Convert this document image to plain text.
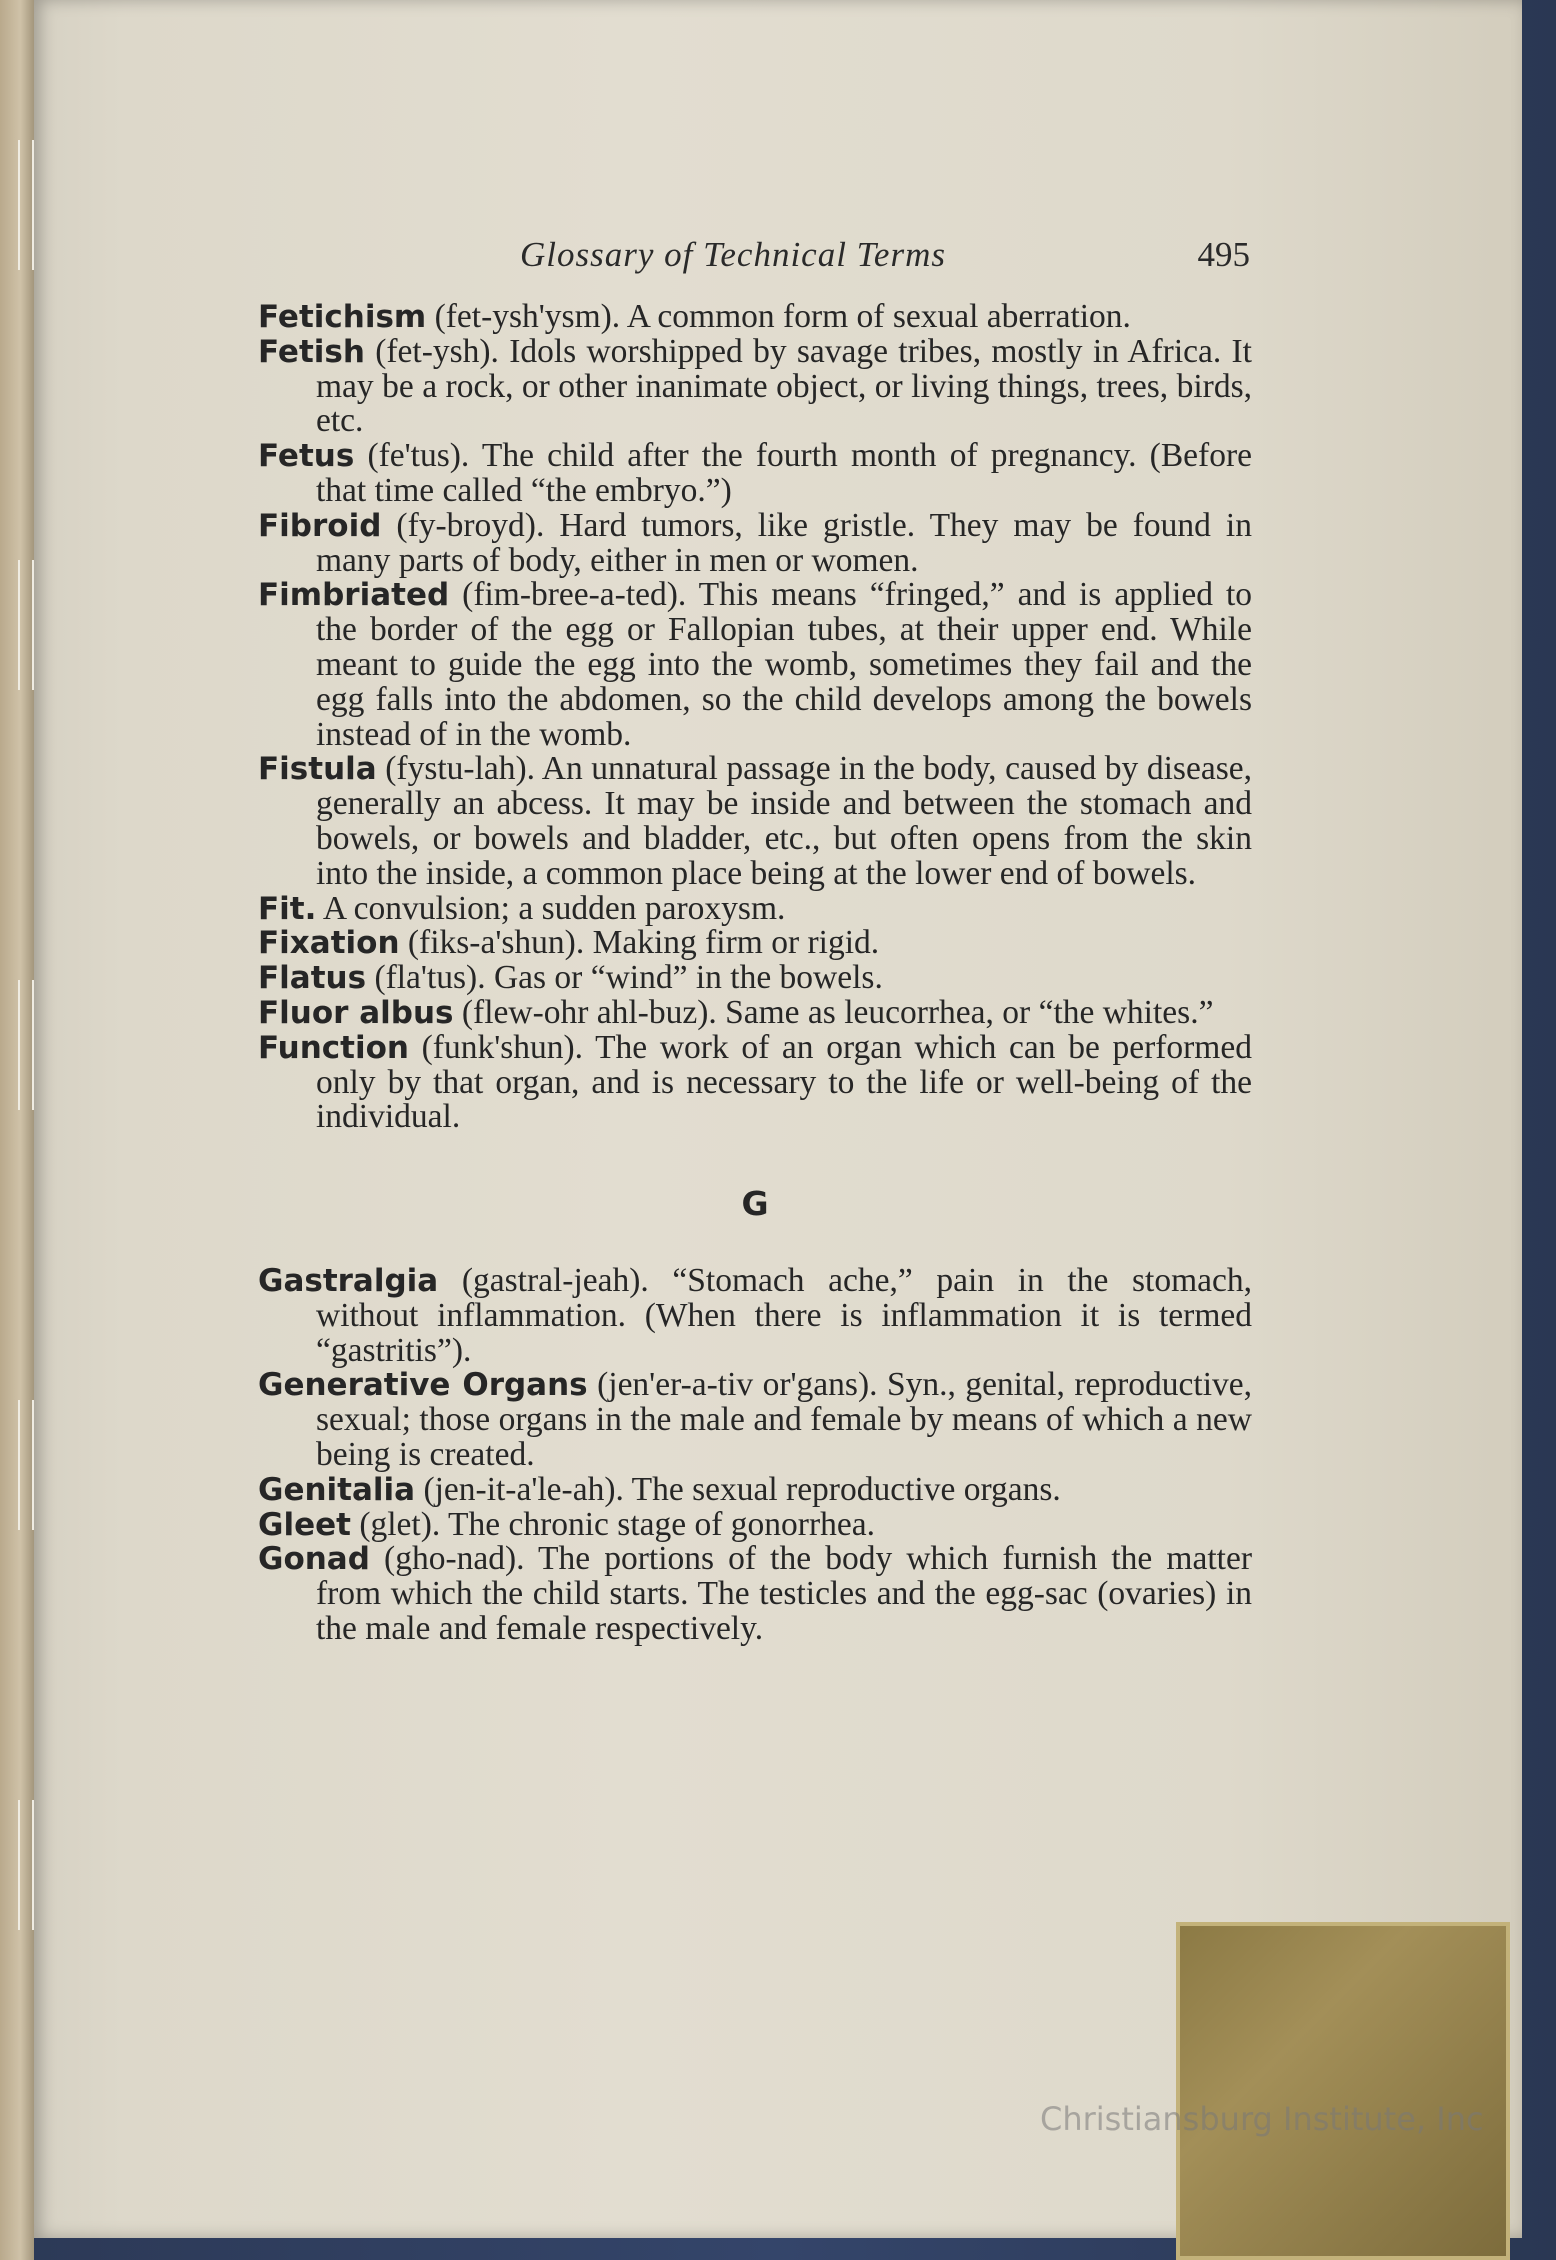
Glossary of Technical Terms	495

Fetichism (fet-ysh'ysm). A common form of sexual aberration.

Fetish (fet-ysh). Idols worshipped by savage tribes, mostly in Africa. It may be a rock, or other inanimate object, or living things, trees, birds, etc.

Fetus (fe'tus). The child after the fourth month of pregnancy. (Before that time called “the embryo.”)

Fibroid (fy-broyd). Hard tumors, like gristle. They may be found in many parts of body, either in men or women.

Fimbriated (fim-bree-a-ted). This means “fringed,” and is applied to the border of the egg or Fallopian tubes, at their upper end. While meant to guide the egg into the womb, sometimes they fail and the egg falls into the abdomen, so the child develops among the bowels instead of in the womb.

Fistula (fystu-lah). An unnatural passage in the body, caused by disease, generally an abcess. It may be inside and between the stomach and bowels, or bowels and bladder, etc., but often opens from the skin into the inside, a common place being at the lower end of bowels.

Fit. A convulsion; a sudden paroxysm.

Fixation (fiks-a'shun). Making firm or rigid.

Flatus (fla'tus). Gas or “wind” in the bowels.

Fluor albus (flew-ohr ahl-buz). Same as leucorrhea, or “the whites.”

Function (funk'shun). The work of an organ which can be performed only by that organ, and is necessary to the life or well-being of the individual.

G

Gastralgia (gastral-jeah). “Stomach ache,” pain in the stomach, without inflammation. (When there is inflammation it is termed “gastritis”).

Generative Organs (jen'er-a-tiv or'gans). Syn., genital, reproductive, sexual; those organs in the male and female by means of which a new being is created.

Genitalia (jen-it-a'le-ah). The sexual reproductive organs.

Gleet (glet). The chronic stage of gonorrhea.

Gonad (gho-nad). The portions of the body which furnish the matter from which the child starts. The testicles and the egg-sac (ovaries) in the male and female respectively.

Christiansburg Institute, Inc
